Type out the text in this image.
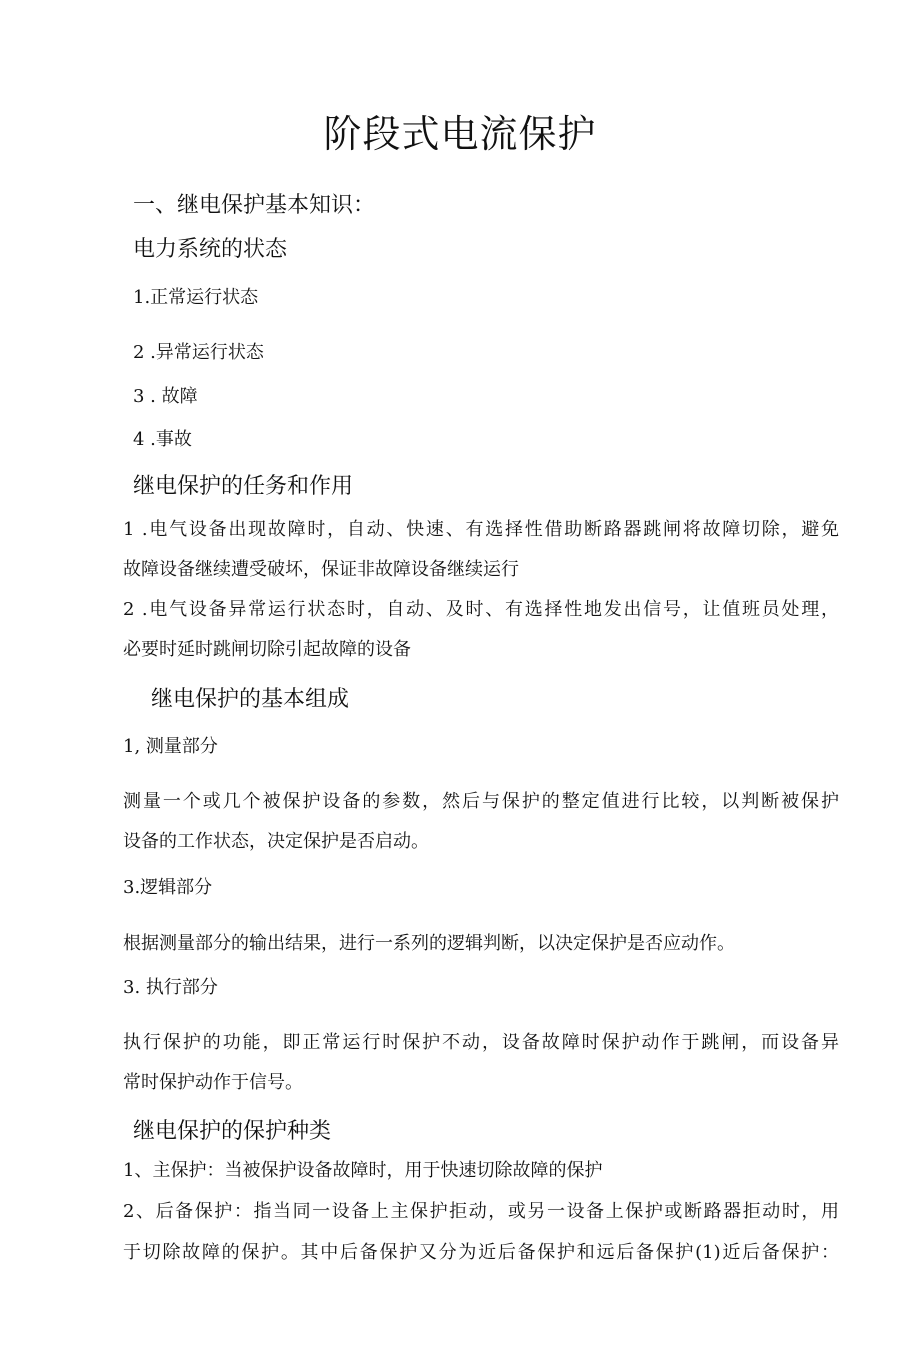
阶段式电流保护
一、继电保护基本知识：
电力系统的状态
1.正常运行状态
2 .异常运行状态
3 . 故障
4 .事故
继电保护的任务和作用
1 .电气设备出现故障时，自动、快速、有选择性借助断路器跳闸将故障切除，避免
故障设备继续遭受破坏，保证非故障设备继续运行
2 .电气设备异常运行状态时，自动、及时、有选择性地发出信号，让值班员处理，
必要时延时跳闸切除引起故障的设备
继电保护的基本组成
1, 测量部分
测量一个或几个被保护设备的参数，然后与保护的整定值进行比较，以判断被保护
设备的工作状态，决定保护是否启动。
3.逻辑部分
根据测量部分的输出结果，进行一系列的逻辑判断，以决定保护是否应动作。
3. 执行部分
执行保护的功能，即正常运行时保护不动，设备故障时保护动作于跳闸，而设备异
常时保护动作于信号。
继电保护的保护种类
1、主保护：当被保护设备故障时，用于快速切除故障的保护
2、后备保护：指当同一设备上主保护拒动，或另一设备上保护或断路器拒动时，用
于切除故障的保护。其中后备保护又分为近后备保护和远后备保护(1)近后备保护：
